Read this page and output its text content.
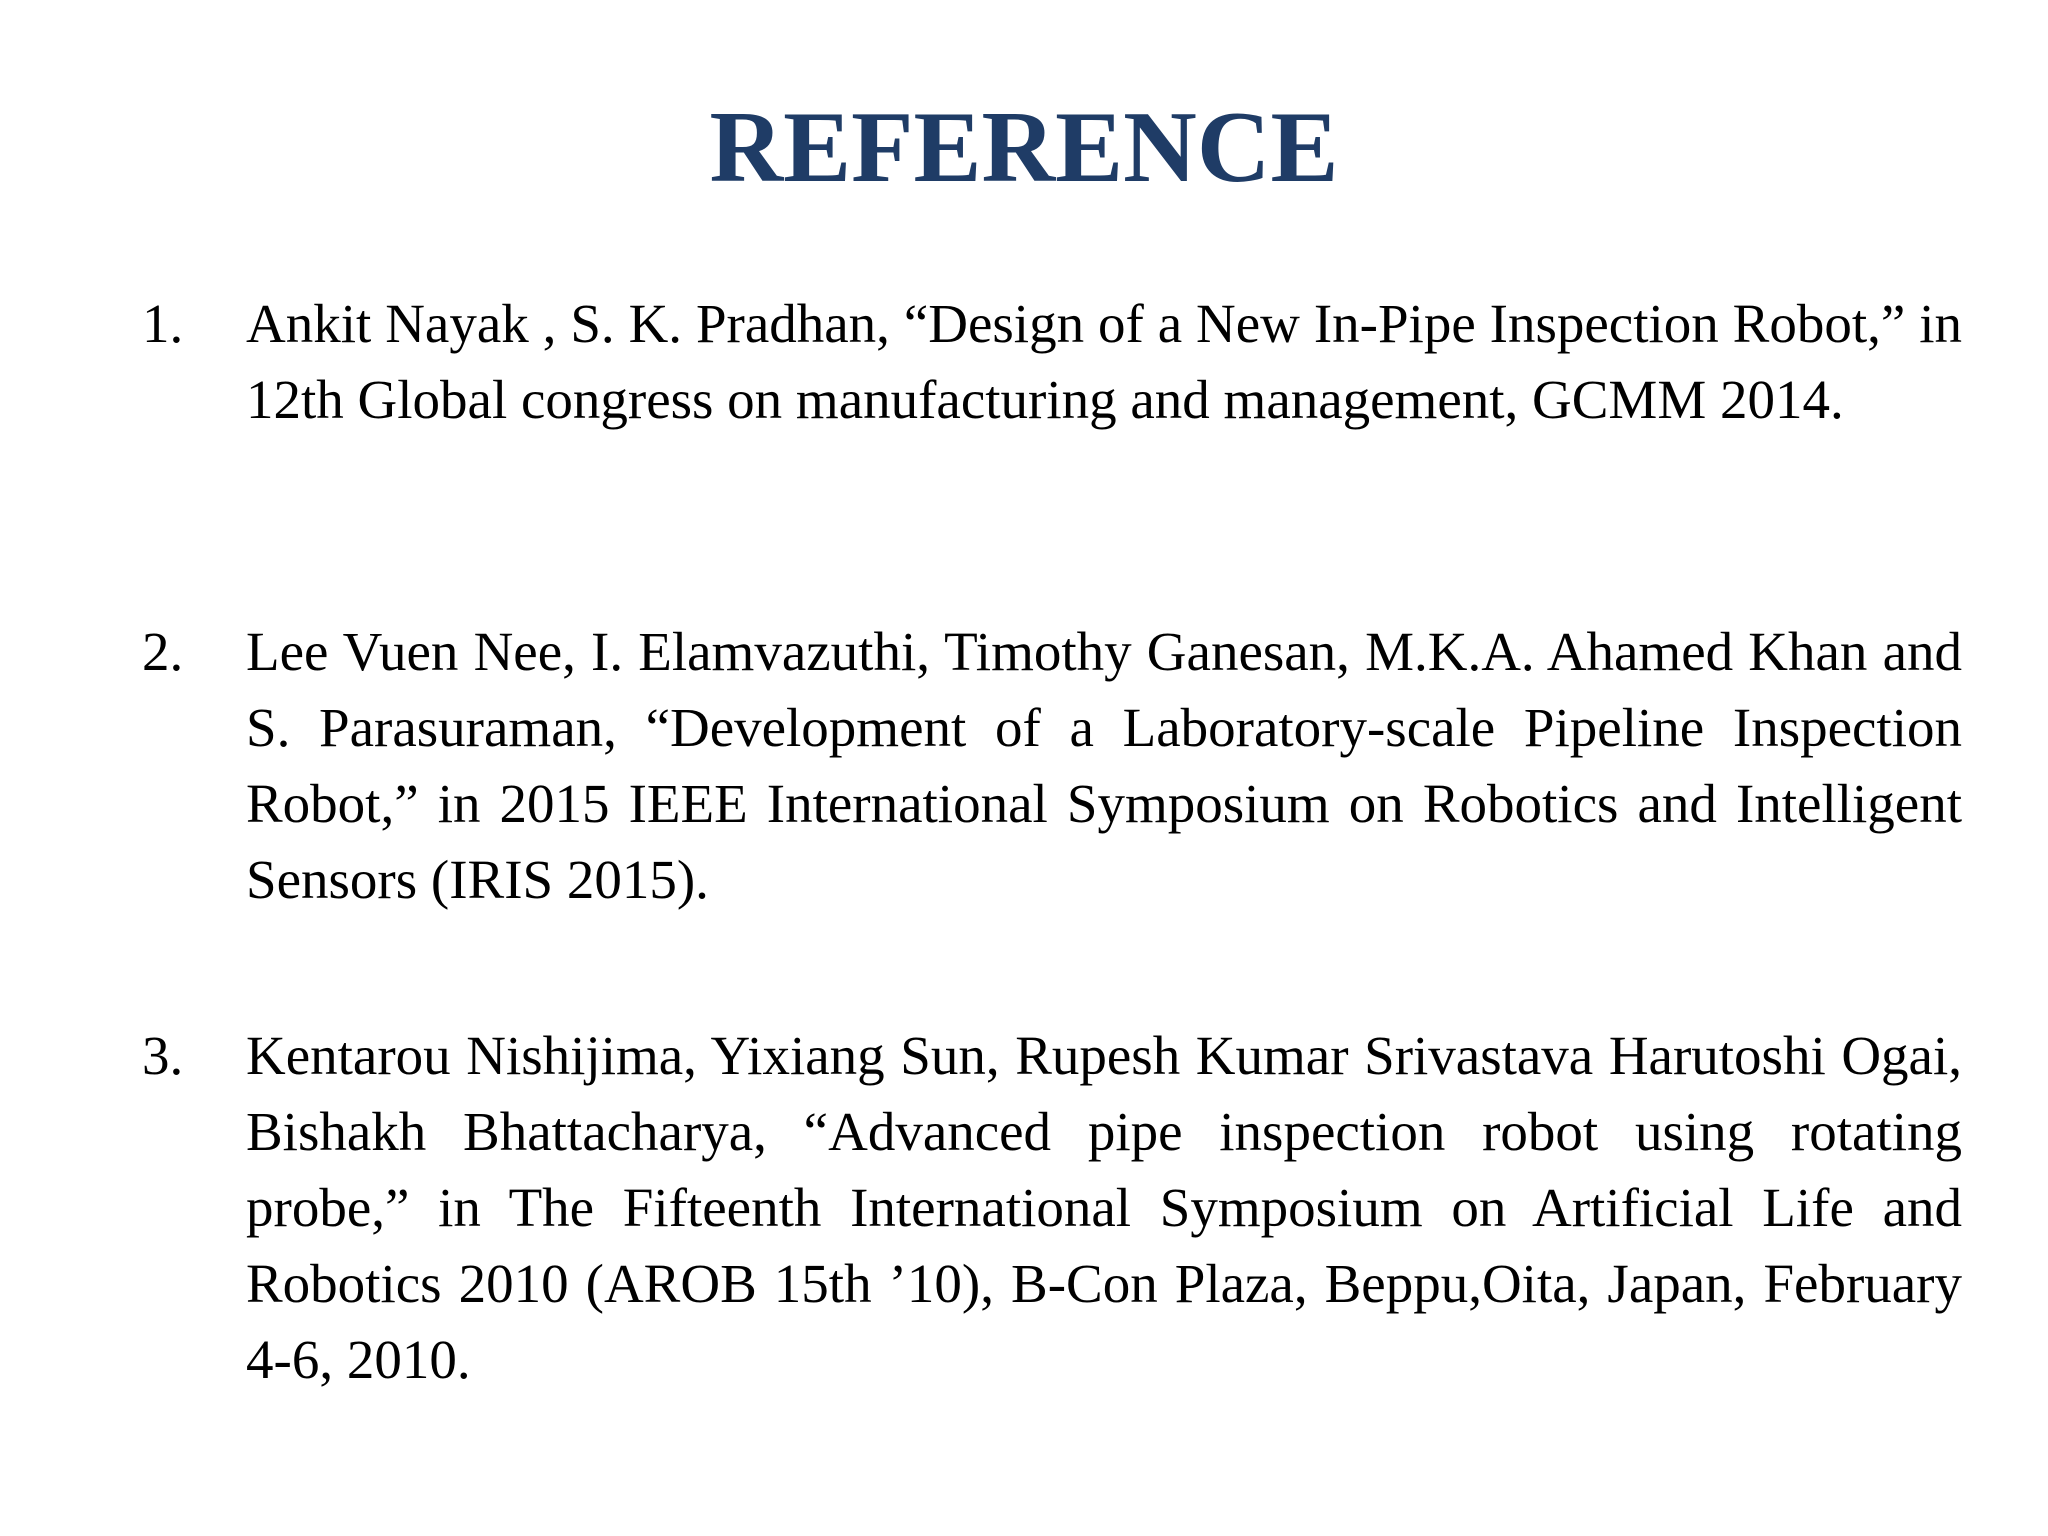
REFERENCE
1.	Ankit Nayak , S. K. Pradhan, “Design of a New In-Pipe Inspection Robot,” in 12th Global congress on manufacturing and management, GCMM 2014.
2.	Lee Vuen Nee, I. Elamvazuthi, Timothy Ganesan, M.K.A. Ahamed Khan and S. Parasuraman, “Development of a Laboratory-scale Pipeline Inspection Robot,” in 2015 IEEE International Symposium on Robotics and Intelligent Sensors (IRIS 2015).
3.	Kentarou Nishijima, Yixiang Sun, Rupesh Kumar Srivastava Harutoshi Ogai, Bishakh Bhattacharya, “Advanced pipe inspection robot using rotating probe,” in The Fifteenth International Symposium on Artificial Life and Robotics 2010 (AROB 15th ’10), B-Con Plaza, Beppu,Oita, Japan, February 4-6, 2010.
